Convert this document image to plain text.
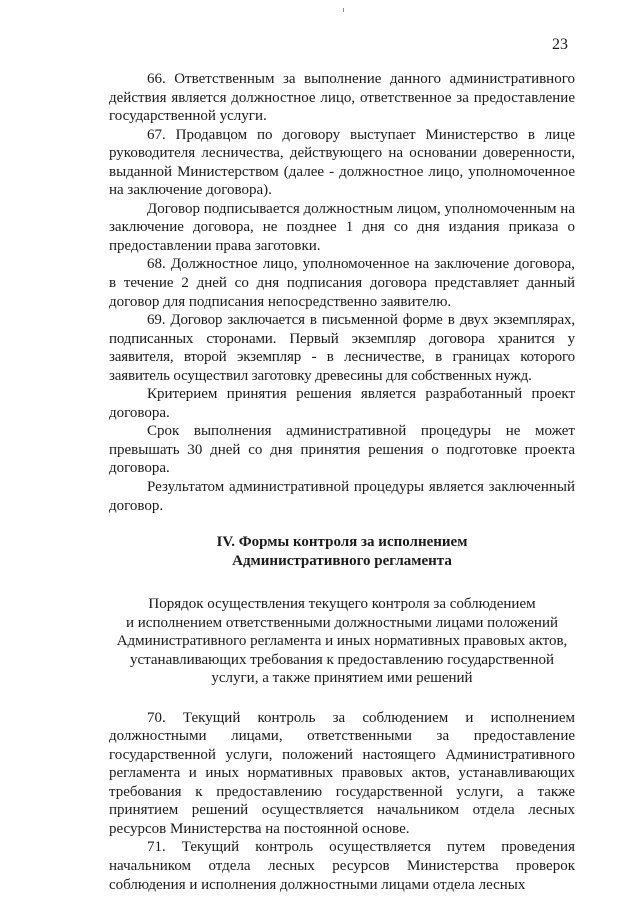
23

66. Ответственным за выполнение данного административного действия является должностное лицо, ответственное за предоставление государственной услуги.

67. Продавцом по договору выступает Министерство в лице руководителя лесничества, действующего на основании доверенности, выданной Министерством (далее - должностное лицо, уполномоченное на заключение договора).

Договор подписывается должностным лицом, уполномоченным на заключение договора, не позднее 1 дня со дня издания приказа о предоставлении права заготовки.

68. Должностное лицо, уполномоченное на заключение договора, в течение 2 дней со дня подписания договора представляет данный договор для подписания непосредственно заявителю.

69. Договор заключается в письменной форме в двух экземплярах, подписанных сторонами. Первый экземпляр договора хранится у заявителя, второй экземпляр - в лесничестве, в границах которого заявитель осуществил заготовку древесины для собственных нужд.

Критерием принятия решения является разработанный проект договора.

Срок выполнения административной процедуры не может превышать 30 дней со дня принятия решения о подготовке проекта договора.

Результатом административной процедуры является заключенный договор.

IV. Формы контроля за исполнением
Административного регламента
Порядок осуществления текущего контроля за соблюдением
и исполнением ответственными должностными лицами положений
Административного регламента и иных нормативных правовых актов,
устанавливающих требования к предоставлению государственной
услуги, а также принятием ими решений

70. Текущий контроль за соблюдением и исполнением должностными лицами, ответственными за предоставление государственной услуги, положений настоящего Административного регламента и иных нормативных правовых актов, устанавливающих требования к предоставлению государственной услуги, а также принятием решений осуществляется начальником отдела лесных ресурсов Министерства на постоянной основе.

71. Текущий контроль осуществляется путем проведения начальником отдела лесных ресурсов Министерства проверок соблюдения и исполнения должностными лицами отдела лесных
